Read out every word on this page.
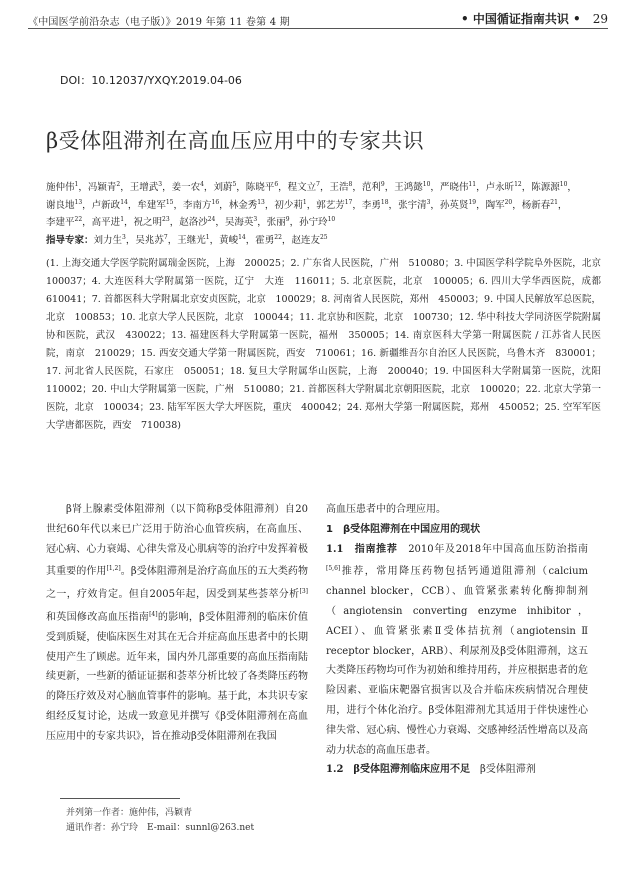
《中国医学前沿杂志（电子版）》2019 年第 11 卷第 4 期	• 中国循证指南共识 • 29
DOI：10.12037/YXQY.2019.04-06
β受体阻滞剂在高血压应用中的专家共识
施仲伟$^1$，冯颖青$^2$，王增武$^3$，姜一农$^4$，刘蔚$^5$，陈晓平$^6$，程文立$^7$，王浩$^8$，范利$^9$，王鸿懿$^{10}$，严晓伟$^{11}$，卢永昕$^{12}$，陈源源$^{10}$，谢良地$^{13}$，卢新政$^{14}$，牟建军$^{15}$，李南方$^{16}$，林金秀$^{13}$，初少莉$^1$，郭艺芳$^{17}$，李勇$^{18}$，张宇清$^3$，孙英贤$^{19}$，陶军$^{20}$，杨新春$^{21}$，李建平$^{22}$，高平进$^1$，祝之明$^{23}$，赵洛沙$^{24}$，吴海英$^3$，张丽$^9$，孙宁玲$^{10}$
指导专家：刘力生$^3$，吴兆苏$^7$，王继光$^1$，黄峻$^{14}$，霍勇$^{22}$，赵连友$^{25}$
(1. 上海交通大学医学院附属瑞金医院，上海　200025；2. 广东省人民医院，广州　510080；3. 中国医学科学院阜外医院，北京　100037；4. 大连医科大学附属第一医院，辽宁　大连　116011；5. 北京医院，北京　100005；6. 四川大学华西医院，成都　610041；7. 首都医科大学附属北京安贞医院，北京　100029；8. 河南省人民医院，郑州　450003；9. 中国人民解放军总医院，北京　100853；10. 北京大学人民医院，北京　100044；11. 北京协和医院，北京　100730；12. 华中科技大学同济医学院附属协和医院，武汉　430022；13. 福建医科大学附属第一医院，福州　350005；14. 南京医科大学第一附属医院 / 江苏省人民医院，南京　210029；15. 西安交通大学第一附属医院，西安　710061；16. 新疆维吾尔自治区人民医院，乌鲁木齐　830001；17. 河北省人民医院，石家庄　050051；18. 复旦大学附属华山医院，上海　200040；19. 中国医科大学附属第一医院，沈阳　110002；20. 中山大学附属第一医院，广州　510080；21. 首都医科大学附属北京朝阳医院，北京　100020；22. 北京大学第一医院，北京　100034；23. 陆军军医大学大坪医院，重庆　400042；24. 郑州大学第一附属医院，郑州　450052；25. 空军军医大学唐都医院，西安　710038)
β肾上腺素受体阻滞剂（以下简称β受体阻滞剂）自20世纪60年代以来已广泛用于防治心血管疾病，在高血压、冠心病、心力衰竭、心律失常及心肌病等的治疗中发挥着极其重要的作用[1,2]。β受体阻滞剂是治疗高血压的五大类药物之一，疗效肯定。但自2005年起，因受到某些荟萃分析[3]和英国修改高血压指南[4]的影响，β受体阻滞剂的临床价值受到质疑，使临床医生对其在无合并症高血压患者中的长期使用产生了顾虑。近年来，国内外几部重要的高血压指南陆续更新，一些新的循证证据和荟萃分析比较了各类降压药物的降压疗效及对心脑血管事件的影响。基于此，本共识专家组经反复讨论，达成一致意见并撰写《β受体阻滞剂在高血压应用中的专家共识》，旨在推动β受体阻滞剂在我国
高血压患者中的合理应用。
1　β受体阻滞剂在中国应用的现状
1.1　指南推荐　2010年及2018年中国高血压防治指南[5,6]推荐，常用降压药物包括钙通道阻滞剂（calcium channel blocker，CCB）、血管紧张素转化酶抑制剂（angiotensin converting enzyme inhibitor，ACEI）、血管紧张素Ⅱ受体拮抗剂（angiotensin Ⅱ receptor blocker，ARB）、利尿剂及β受体阻滞剂，这五大类降压药物均可作为初始和维持用药，并应根据患者的危险因素、亚临床靶器官损害以及合并临床疾病情况合理使用，进行个体化治疗。β受体阻滞剂尤其适用于伴快速性心律失常、冠心病、慢性心力衰竭、交感神经活性增高以及高动力状态的高血压患者。
1.2　β受体阻滞剂临床应用不足　β受体阻滞剂
并列第一作者：施仲伟，冯颖青
通讯作者：孙宁玲　E-mail：sunnl@263.net
